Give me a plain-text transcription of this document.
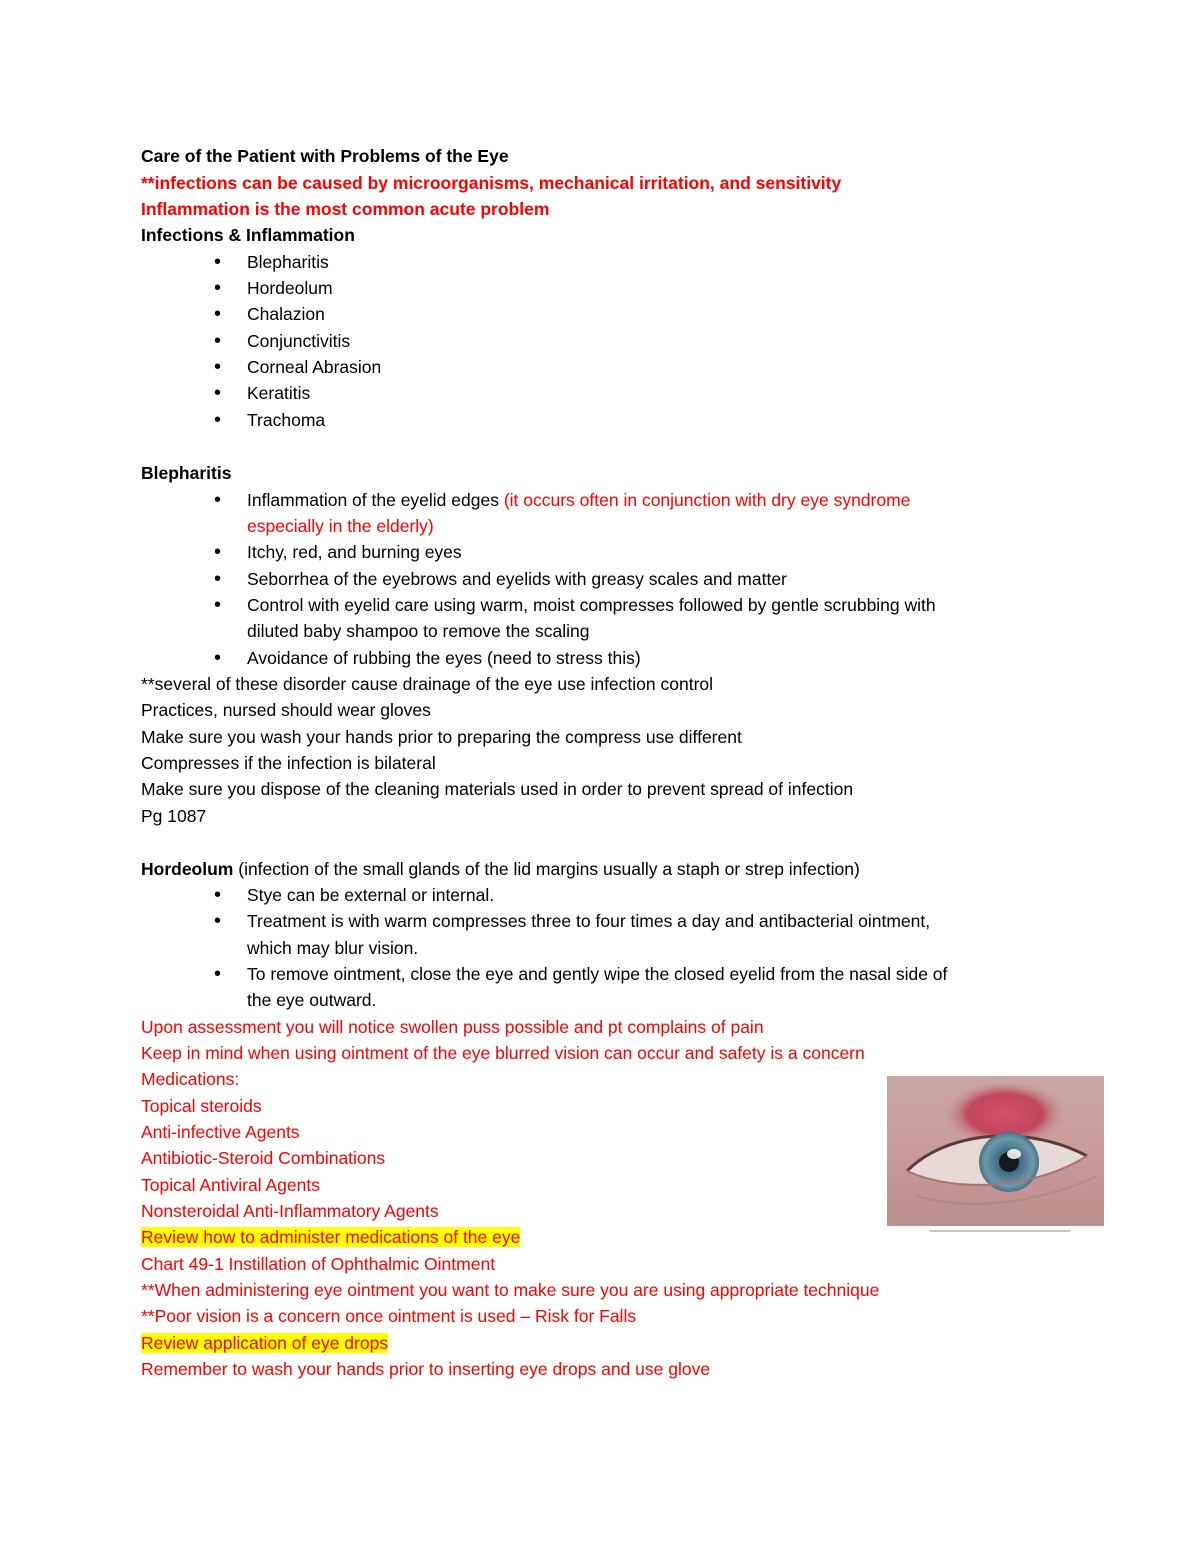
Care of the Patient with Problems of the Eye
**infections can be caused by microorganisms, mechanical irritation, and sensitivity
Inflammation is the most common acute problem
Infections & Inflammation
•
Blepharitis
•
Hordeolum
•
Chalazion
•
Conjunctivitis
•
Corneal Abrasion
•
Keratitis
•
Trachoma
Blepharitis
•
Inflammation of the eyelid edges (it occurs often in conjunction with dry eye syndrome
especially in the elderly)
•
Itchy, red, and burning eyes
•
Seborrhea of the eyebrows and eyelids with greasy scales and matter
•
Control with eyelid care using warm, moist compresses followed by gentle scrubbing with
diluted baby shampoo to remove the scaling
•
Avoidance of rubbing the eyes (need to stress this)
**several of these disorder cause drainage of the eye use infection control
Practices, nursed should wear gloves
Make sure you wash your hands prior to preparing the compress use different
Compresses if the infection is bilateral
Make sure you dispose of the cleaning materials used in order to prevent spread of infection
Pg 1087
Hordeolum (infection of the small glands of the lid margins usually a staph or strep infection)
•
Stye can be external or internal.
•
Treatment is with warm compresses three to four times a day and antibacterial ointment,
which may blur vision.
•
To remove ointment, close the eye and gently wipe the closed eyelid from the nasal side of
the eye outward.
Upon assessment you will notice swollen puss possible and pt complains of pain
Keep in mind when using ointment of the eye blurred vision can occur and safety is a concern
Medications:
Topical steroids
Anti-infective Agents
Antibiotic-Steroid Combinations
Topical Antiviral Agents
Nonsteroidal Anti-Inflammatory Agents
Review how to administer medications of the eye
Chart 49-1 Instillation of Ophthalmic Ointment
**When administering eye ointment you want to make sure you are using appropriate technique
**Poor vision is a concern once ointment is used – Risk for Falls
Review application of eye drops
Remember to wash your hands prior to inserting eye drops and use glove
